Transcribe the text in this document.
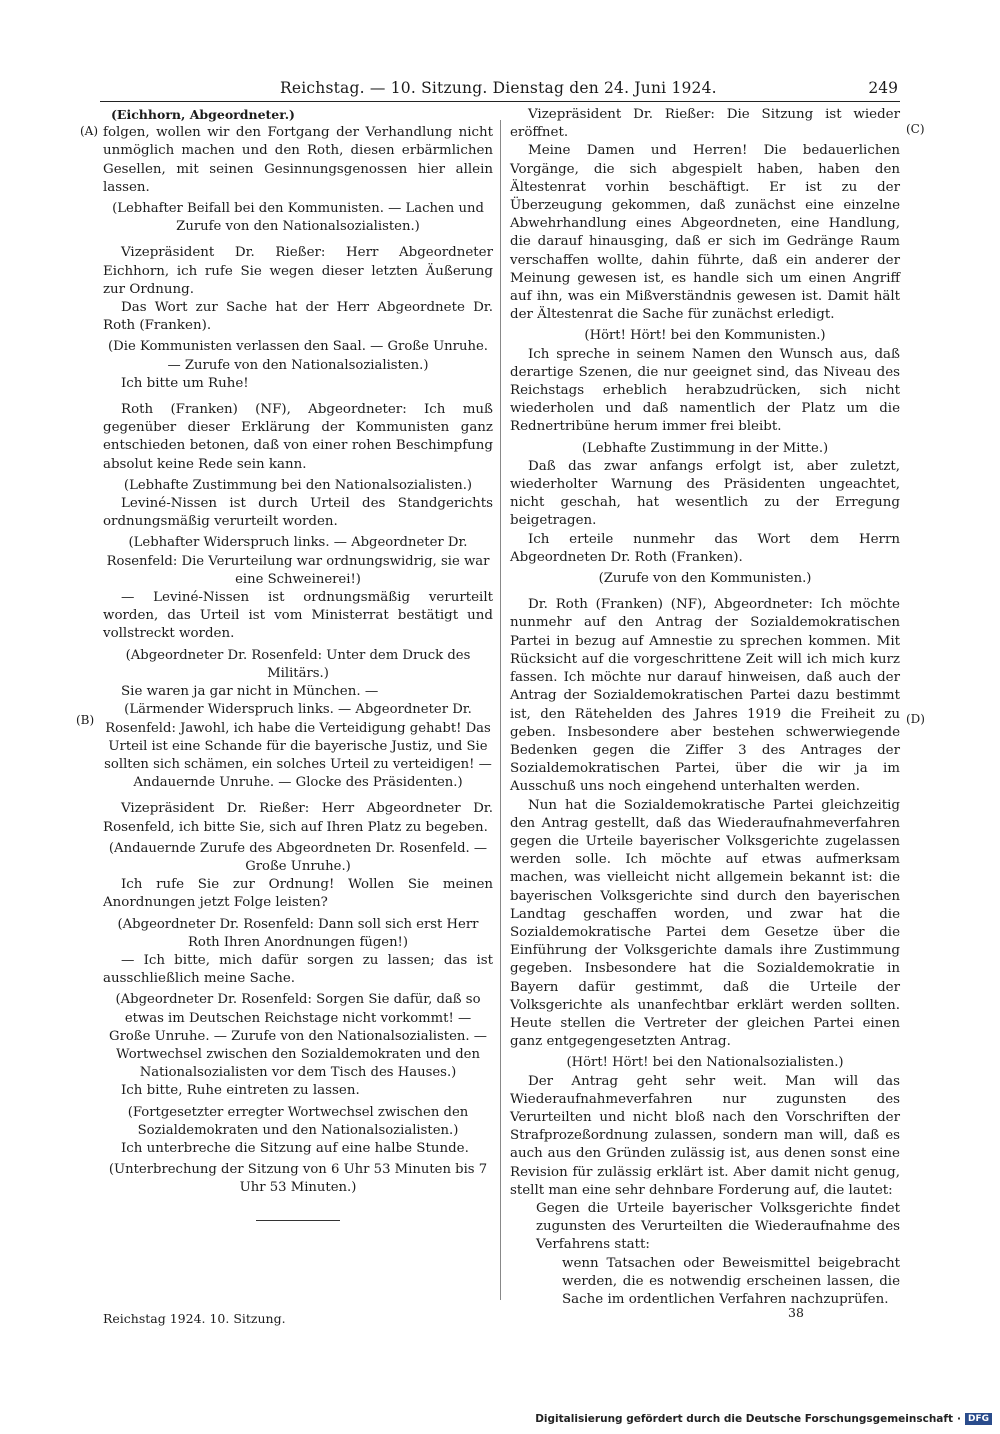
Reichstag. — 10. Sitzung. Dienstag den 24. Juni 1924.	249
(A)
(B)
(C)
(D)

(Eichhorn, Abgeordneter.)

folgen, wollen wir den Fortgang der Verhandlung nicht unmöglich machen und den Roth, diesen erbärmlichen Gesellen, mit seinen Gesinnungsgenossen hier allein lassen.

(Lebhafter Beifall bei den Kommunisten. — Lachen und Zurufe von den Nationalsozialisten.)

Vizepräsident Dr. Rießer: Herr Abgeordneter Eichhorn, ich rufe Sie wegen dieser letzten Äußerung zur Ordnung.

Das Wort zur Sache hat der Herr Abgeordnete Dr. Roth (Franken).

(Die Kommunisten verlassen den Saal. — Große Unruhe. — Zurufe von den Nationalsozialisten.)

Ich bitte um Ruhe!

Roth (Franken) (NF), Abgeordneter: Ich muß gegenüber dieser Erklärung der Kommunisten ganz entschieden betonen, daß von einer rohen Beschimpfung absolut keine Rede sein kann.

(Lebhafte Zustimmung bei den Nationalsozialisten.)

Leviné-Nissen ist durch Urteil des Standgerichts ordnungsmäßig verurteilt worden.

(Lebhafter Widerspruch links. — Abgeordneter Dr. Rosenfeld: Die Verurteilung war ordnungswidrig, sie war eine Schweinerei!)

— Leviné-Nissen ist ordnungsmäßig verurteilt worden, das Urteil ist vom Ministerrat bestätigt und vollstreckt worden.

(Abgeordneter Dr. Rosenfeld: Unter dem Druck des Militärs.)

Sie waren ja gar nicht in München. —

(Lärmender Widerspruch links. — Abgeordneter Dr. Rosenfeld: Jawohl, ich habe die Verteidigung gehabt! Das Urteil ist eine Schande für die bayerische Justiz, und Sie sollten sich schämen, ein solches Urteil zu verteidigen! — Andauernde Unruhe. — Glocke des Präsidenten.)

Vizepräsident Dr. Rießer: Herr Abgeordneter Dr. Rosenfeld, ich bitte Sie, sich auf Ihren Platz zu begeben.

(Andauernde Zurufe des Abgeordneten Dr. Rosenfeld. — Große Unruhe.)

Ich rufe Sie zur Ordnung! Wollen Sie meinen Anordnungen jetzt Folge leisten?

(Abgeordneter Dr. Rosenfeld: Dann soll sich erst Herr Roth Ihren Anordnungen fügen!)

— Ich bitte, mich dafür sorgen zu lassen; das ist ausschließlich meine Sache.

(Abgeordneter Dr. Rosenfeld: Sorgen Sie dafür, daß so etwas im Deutschen Reichstage nicht vorkommt! — Große Unruhe. — Zurufe von den Nationalsozialisten. — Wortwechsel zwischen den Sozialdemokraten und den Nationalsozialisten vor dem Tisch des Hauses.)

Ich bitte, Ruhe eintreten zu lassen.

(Fortgesetzter erregter Wortwechsel zwischen den Sozialdemokraten und den Nationalsozialisten.)

Ich unterbreche die Sitzung auf eine halbe Stunde.

(Unterbrechung der Sitzung von 6 Uhr 53 Minuten bis 7 Uhr 53 Minuten.)

Vizepräsident Dr. Rießer: Die Sitzung ist wieder eröffnet.

Meine Damen und Herren! Die bedauerlichen Vorgänge, die sich abgespielt haben, haben den Ältestenrat vorhin beschäftigt. Er ist zu der Überzeugung gekommen, daß zunächst eine einzelne Abwehrhandlung eines Abgeordneten, eine Handlung, die darauf hinausging, daß er sich im Gedränge Raum verschaffen wollte, dahin führte, daß ein anderer der Meinung gewesen ist, es handle sich um einen Angriff auf ihn, was ein Mißverständnis gewesen ist. Damit hält der Ältestenrat die Sache für zunächst erledigt.

(Hört! Hört! bei den Kommunisten.)

Ich spreche in seinem Namen den Wunsch aus, daß derartige Szenen, die nur geeignet sind, das Niveau des Reichstags erheblich herabzudrücken, sich nicht wiederholen und daß namentlich der Platz um die Rednertribüne herum immer frei bleibt.

(Lebhafte Zustimmung in der Mitte.)

Daß das zwar anfangs erfolgt ist, aber zuletzt, wiederholter Warnung des Präsidenten ungeachtet, nicht geschah, hat wesentlich zu der Erregung beigetragen.

Ich erteile nunmehr das Wort dem Herrn Abgeordneten Dr. Roth (Franken).

(Zurufe von den Kommunisten.)

Dr. Roth (Franken) (NF), Abgeordneter: Ich möchte nunmehr auf den Antrag der Sozialdemokratischen Partei in bezug auf Amnestie zu sprechen kommen. Mit Rücksicht auf die vorgeschrittene Zeit will ich mich kurz fassen. Ich möchte nur darauf hinweisen, daß auch der Antrag der Sozialdemokratischen Partei dazu bestimmt ist, den Rätehelden des Jahres 1919 die Freiheit zu geben. Insbesondere aber bestehen schwerwiegende Bedenken gegen die Ziffer 3 des Antrages der Sozialdemokratischen Partei, über die wir ja im Ausschuß uns noch eingehend unterhalten werden.

Nun hat die Sozialdemokratische Partei gleichzeitig den Antrag gestellt, daß das Wiederaufnahmeverfahren gegen die Urteile bayerischer Volksgerichte zugelassen werden solle. Ich möchte auf etwas aufmerksam machen, was vielleicht nicht allgemein bekannt ist: die bayerischen Volksgerichte sind durch den bayerischen Landtag geschaffen worden, und zwar hat die Sozialdemokratische Partei dem Gesetze über die Einführung der Volksgerichte damals ihre Zustimmung gegeben. Insbesondere hat die Sozialdemokratie in Bayern dafür gestimmt, daß die Urteile der Volksgerichte als unanfechtbar erklärt werden sollten. Heute stellen die Vertreter der gleichen Partei einen ganz entgegengesetzten Antrag.

(Hört! Hört! bei den Nationalsozialisten.)

Der Antrag geht sehr weit. Man will das Wiederaufnahmeverfahren nur zugunsten des Verurteilten und nicht bloß nach den Vorschriften der Strafprozeßordnung zulassen, sondern man will, daß es auch aus den Gründen zulässig ist, aus denen sonst eine Revision für zulässig erklärt ist. Aber damit nicht genug, stellt man eine sehr dehnbare Forderung auf, die lautet:

Gegen die Urteile bayerischer Volksgerichte findet zugunsten des Verurteilten die Wiederaufnahme des Verfahrens statt:

wenn Tatsachen oder Beweismittel beigebracht werden, die es notwendig erscheinen lassen, die Sache im ordentlichen Verfahren nachzuprüfen.

Reichstag 1924. 10. Sitzung.	38
Digitalisierung gefördert durch die Deutsche Forschungsgemeinschaft · DFG
